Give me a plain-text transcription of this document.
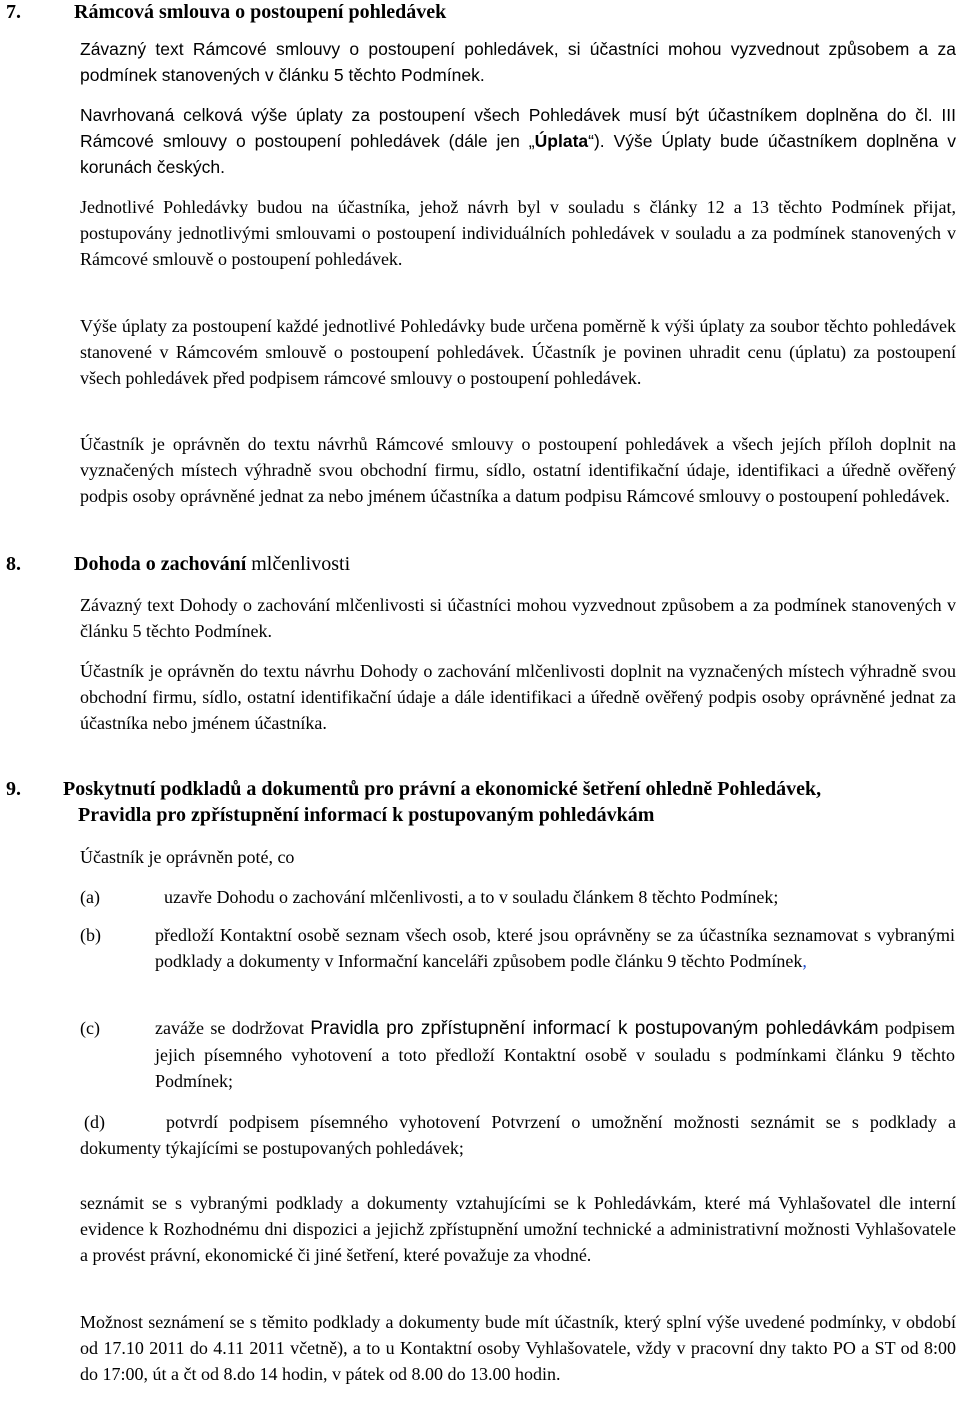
7.	Rámcová smlouva o postoupení pohledávek
Závazný text Rámcové smlouvy o postoupení pohledávek, si účastníci mohou vyzvednout způsobem a za podmínek stanovených v článku 5 těchto Podmínek.
Navrhovaná celková výše úplaty za postoupení všech Pohledávek musí být účastníkem doplněna do čl. III Rámcové smlouvy o postoupení pohledávek (dále jen „Úplata“). Výše Úplaty bude účastníkem doplněna v korunách českých.
Jednotlivé Pohledávky budou na účastníka, jehož návrh byl v souladu s články 12 a 13 těchto Podmínek přijat, postupovány jednotlivými smlouvami o postoupení individuálních pohledávek v souladu a za podmínek stanovených v Rámcové smlouvě o postoupení pohledávek.
Výše úplaty za postoupení každé jednotlivé Pohledávky bude určena poměrně k výši úplaty za soubor těchto pohledávek stanovené v Rámcovém smlouvě o postoupení pohledávek. Účastník je povinen uhradit cenu (úplatu) za postoupení všech pohledávek před podpisem rámcové smlouvy o postoupení pohledávek.
Účastník je oprávněn do textu návrhů Rámcové smlouvy o postoupení pohledávek a všech jejích příloh doplnit na vyznačených místech výhradně svou obchodní firmu, sídlo, ostatní identifikační údaje, identifikaci a úředně ověřený podpis osoby oprávněné jednat za nebo jménem účastníka a datum podpisu Rámcové smlouvy o postoupení pohledávek.
8.	Dohoda o zachování mlčenlivosti
Závazný text Dohody o zachování mlčenlivosti si účastníci mohou vyzvednout způsobem a za podmínek stanovených v článku 5 těchto Podmínek.
Účastník je oprávněn do textu návrhu Dohody o zachování mlčenlivosti doplnit na vyznačených místech výhradně svou obchodní firmu, sídlo, ostatní identifikační údaje a dále identifikaci a úředně ověřený podpis osoby oprávněné jednat za účastníka nebo jménem účastníka.
9. Poskytnutí podkladů a dokumentů pro právní a ekonomické šetření ohledně Pohledávek,
Pravidla pro zpřístupnění informací k postupovaným pohledávkám
Účastník je oprávněn poté, co
(a)	uzavře Dohodu o zachování mlčenlivosti, a to v souladu článkem 8 těchto Podmínek;
(b)	předloží Kontaktní osobě seznam všech osob, které jsou oprávněny se za účastníka seznamovat s vybranými podklady a dokumenty v Informační kanceláři způsobem podle článku 9 těchto Podmínek,
(c)	zaváže se dodržovat Pravidla pro zpřístupnění informací k postupovaným pohledávkám podpisem jejich písemného vyhotovení a toto předloží Kontaktní osobě v souladu s podmínkami článku 9 těchto Podmínek;
(d)	potvrdí podpisem písemného vyhotovení Potvrzení o umožnění možnosti seznámit se s podklady a dokumenty týkajícími se postupovaných pohledávek;
seznámit se s vybranými podklady a dokumenty vztahujícími se k Pohledávkám, které má Vyhlašovatel dle interní evidence k Rozhodnému dni dispozici a jejichž zpřístupnění umožní technické a administrativní možnosti Vyhlašovatele a provést právní, ekonomické či jiné šetření, které považuje za vhodné.
Možnost seznámení se s těmito podklady a dokumenty bude mít účastník, který splní výše uvedené podmínky, v období od 17.10 2011 do 4.11 2011 včetně), a to u Kontaktní osoby Vyhlašovatele, vždy v pracovní dny takto PO a ST od 8:00 do 17:00, út a čt od 8.do 14 hodin, v pátek od 8.00 do 13.00 hodin.
